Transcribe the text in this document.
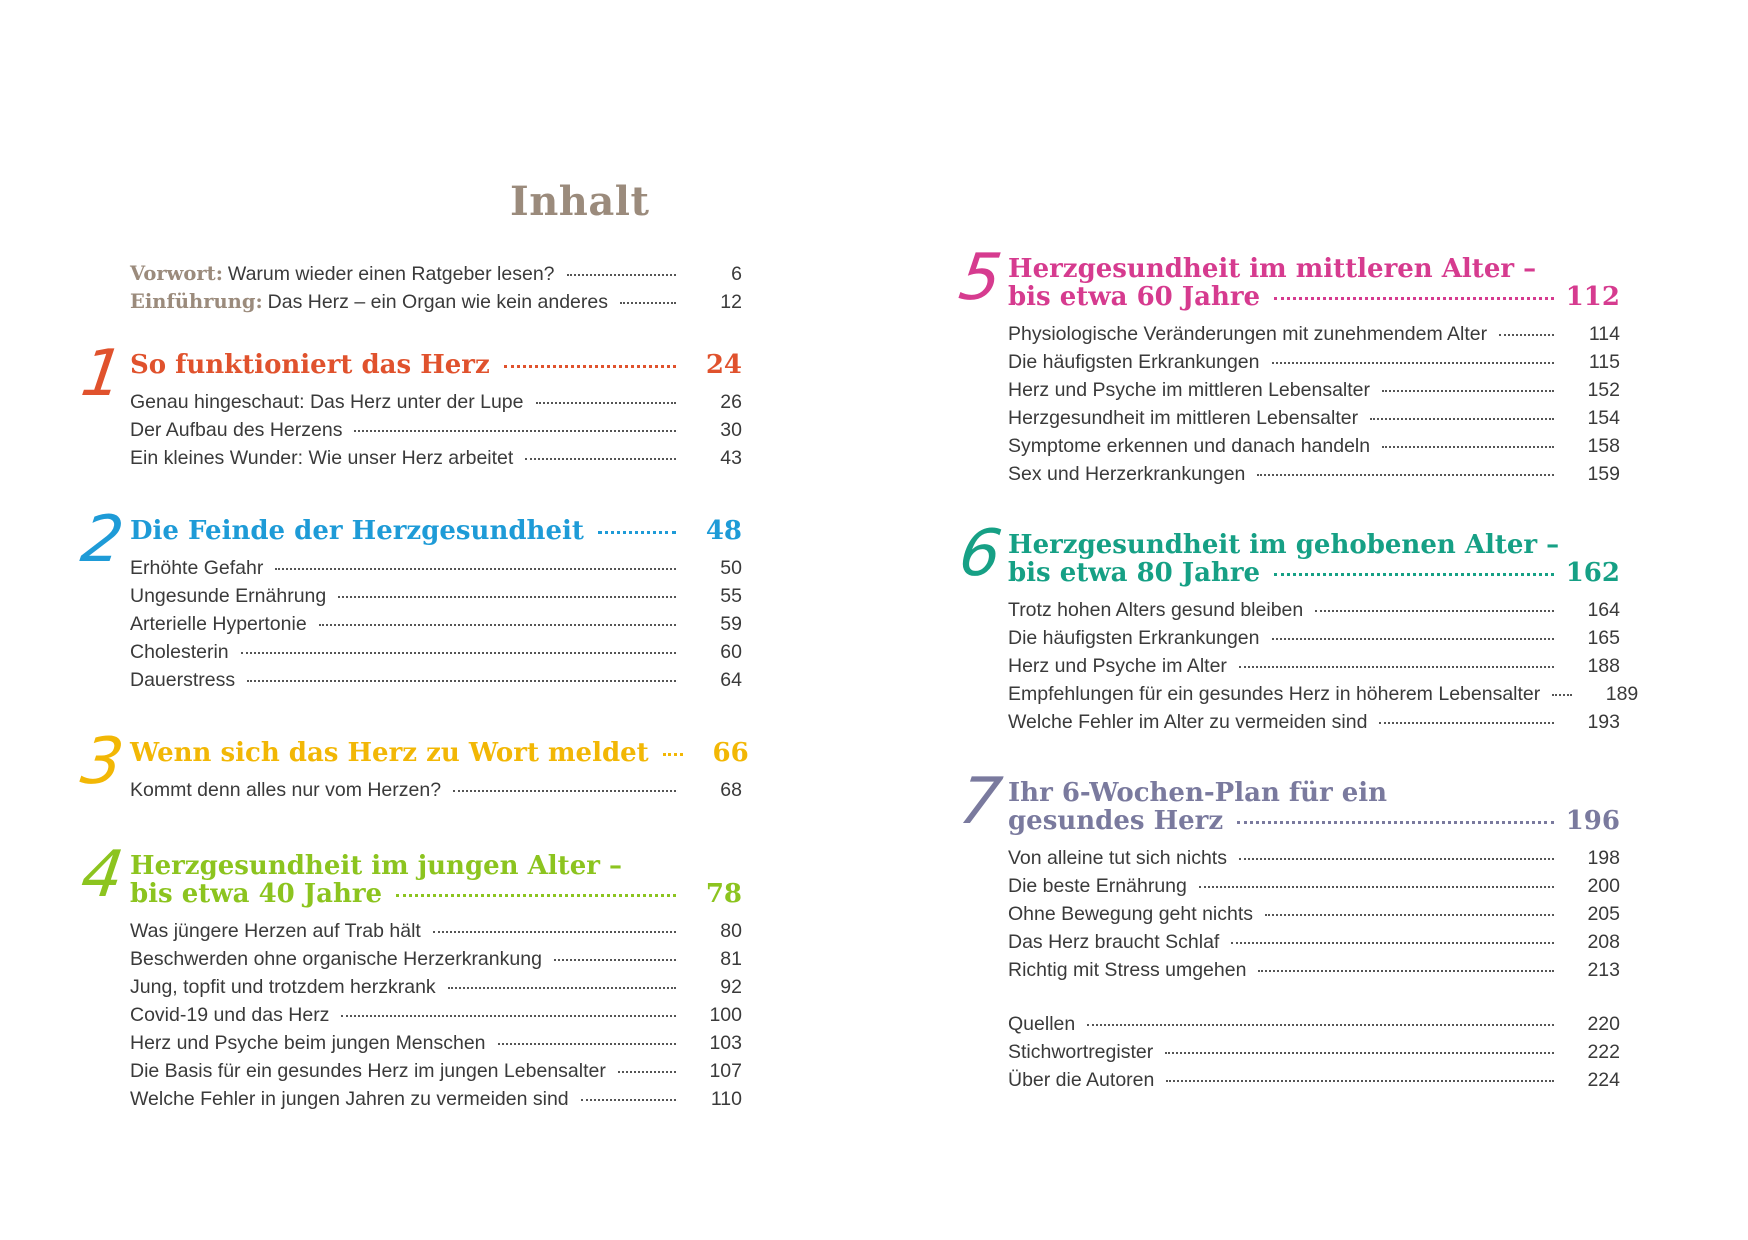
Inhalt
Vorwort: Warum wieder einen Ratgeber lesen?	6
Einführung: Das Herz – ein Organ wie kein anderes	12
1 So funktioniert das Herz	24
Genau hingeschaut: Das Herz unter der Lupe	26
Der Aufbau des Herzens	30
Ein kleines Wunder: Wie unser Herz arbeitet	43
2 Die Feinde der Herzgesundheit	48
Erhöhte Gefahr	50
Ungesunde Ernährung	55
Arterielle Hypertonie	59
Cholesterin	60
Dauerstress	64
3 Wenn sich das Herz zu Wort meldet	66
Kommt denn alles nur vom Herzen?	68
4 Herzgesundheit im jungen Alter –
bis etwa 40 Jahre	78
Was jüngere Herzen auf Trab hält	80
Beschwerden ohne organische Herzerkrankung	81
Jung, topfit und trotzdem herzkrank	92
Covid-19 und das Herz	100
Herz und Psyche beim jungen Menschen	103
Die Basis für ein gesundes Herz im jungen Lebensalter	107
Welche Fehler in jungen Jahren zu vermeiden sind	110
5 Herzgesundheit im mittleren Alter –
bis etwa 60 Jahre	112
Physiologische Veränderungen mit zunehmendem Alter	114
Die häufigsten Erkrankungen	115
Herz und Psyche im mittleren Lebensalter	152
Herzgesundheit im mittleren Lebensalter	154
Symptome erkennen und danach handeln	158
Sex und Herzerkrankungen	159
6 Herzgesundheit im gehobenen Alter –
bis etwa 80 Jahre	162
Trotz hohen Alters gesund bleiben	164
Die häufigsten Erkrankungen	165
Herz und Psyche im Alter	188
Empfehlungen für ein gesundes Herz in höherem Lebensalter	189
Welche Fehler im Alter zu vermeiden sind	193
7 Ihr 6-Wochen-Plan für ein
gesundes Herz	196
Von alleine tut sich nichts	198
Die beste Ernährung	200
Ohne Bewegung geht nichts	205
Das Herz braucht Schlaf	208
Richtig mit Stress umgehen	213
Quellen	220
Stichwortregister	222
Über die Autoren	224
